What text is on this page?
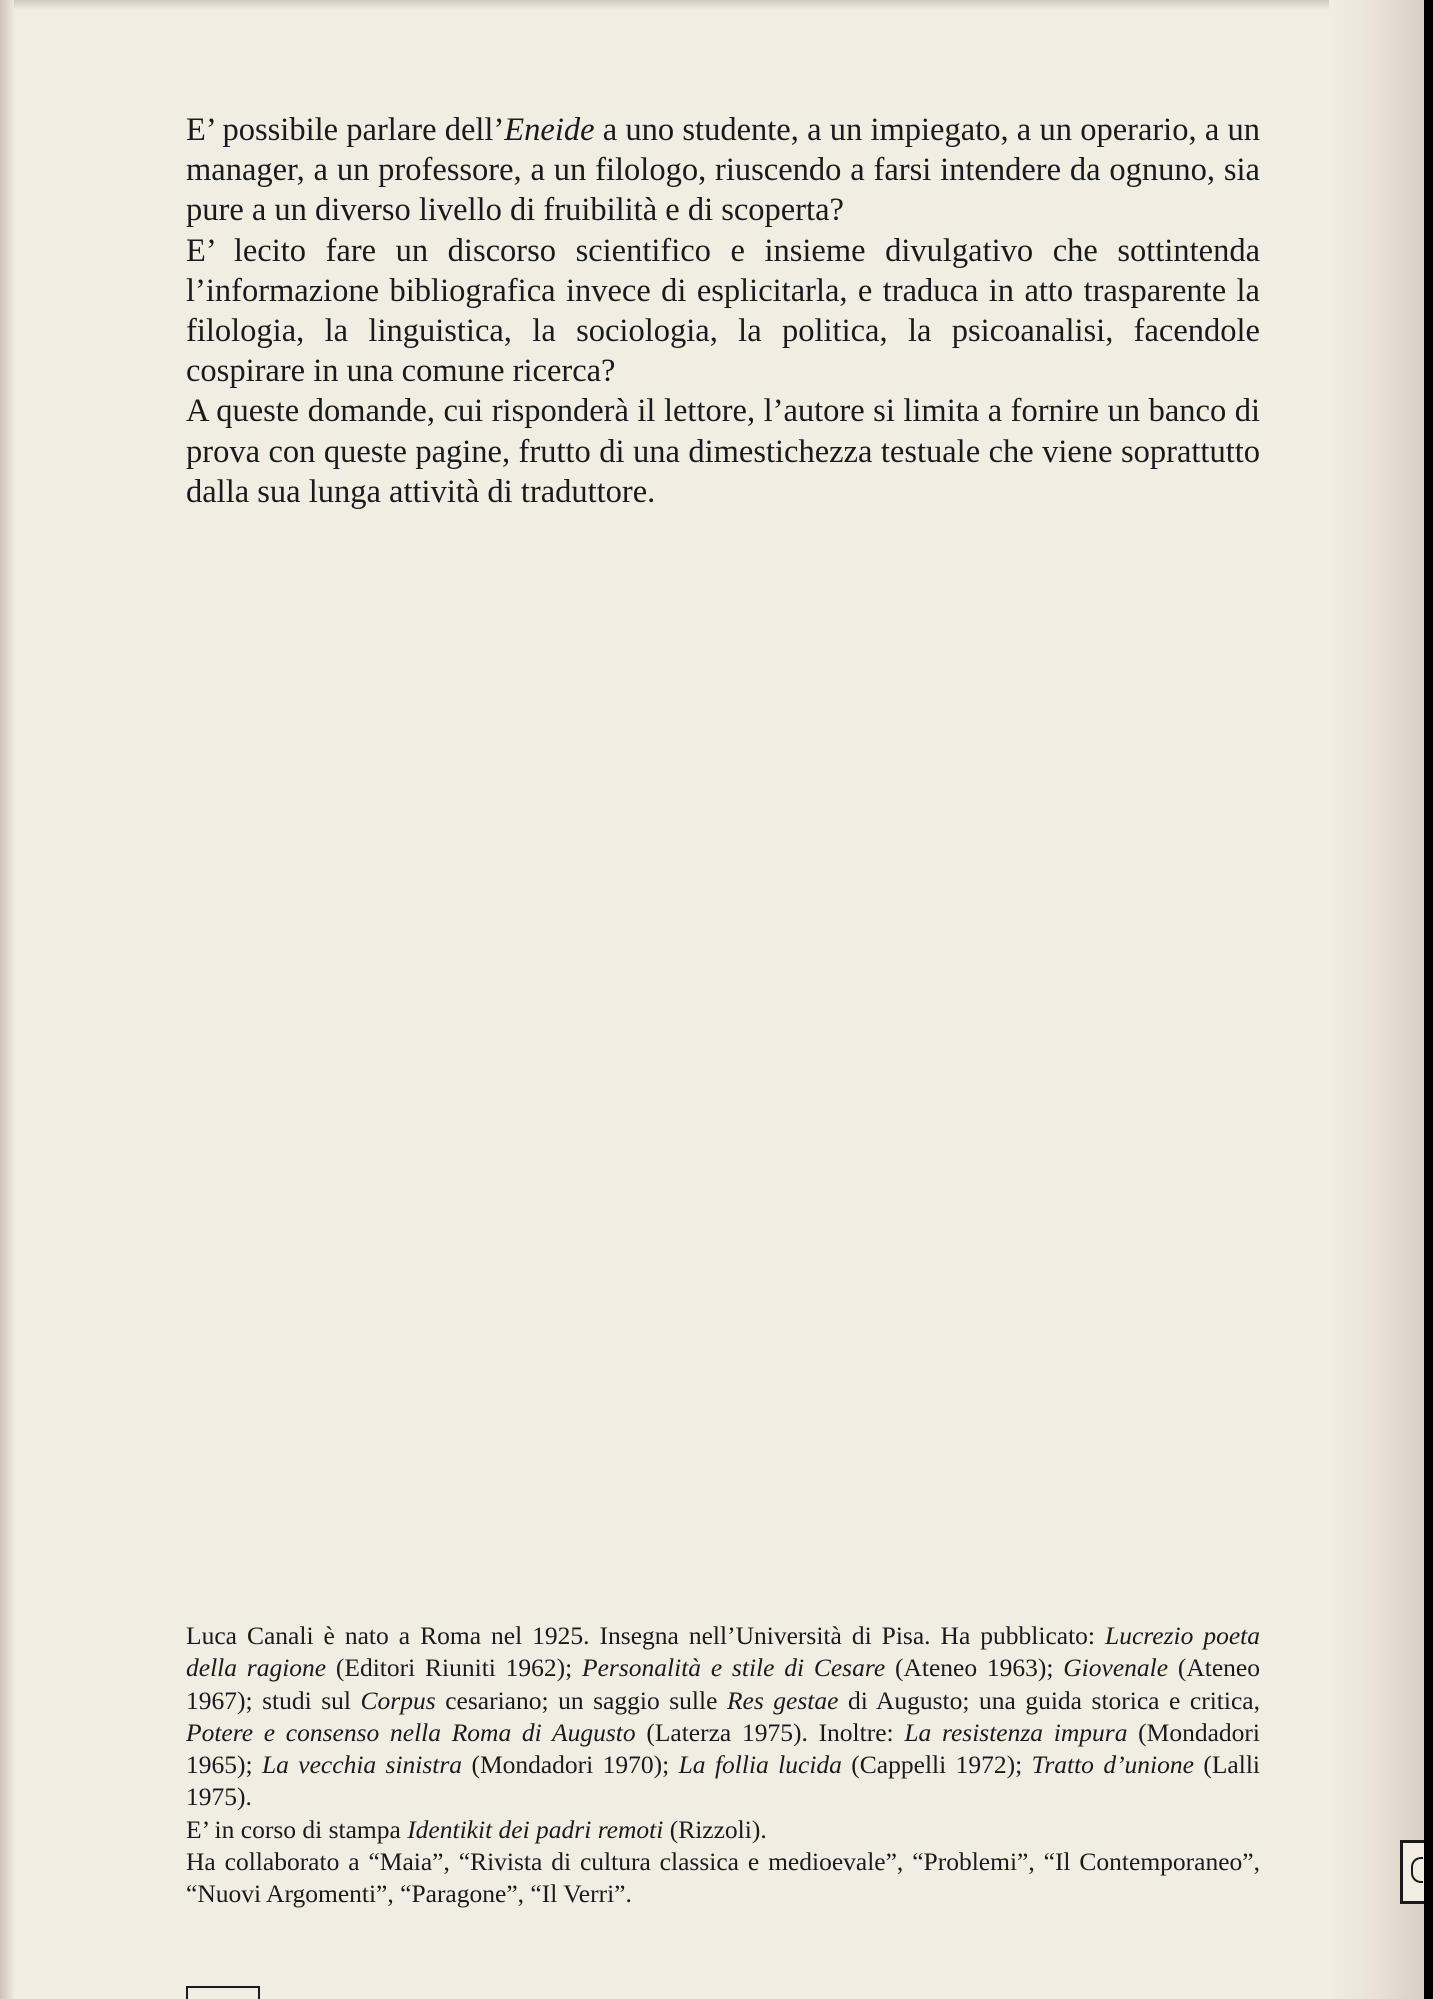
E’ possibile parlare dell’Eneide a uno studente, a un impiegato, a un operario, a un manager, a un professore, a un filologo, riuscendo a farsi intendere da ognuno, sia pure a un diverso livello di fruibilità e di scoperta?

E’ lecito fare un discorso scientifico e insieme divulgativo che sottintenda l’informazione bibliografica invece di esplicitarla, e traduca in atto trasparente la filologia, la linguistica, la sociologia, la politica, la psicoanalisi, facendole cospirare in una comune ricerca?

A queste domande, cui risponderà il lettore, l’autore si limita a fornire un banco di prova con queste pagine, frutto di una dimestichezza testuale che viene soprattutto dalla sua lunga attività di traduttore.

Luca Canali è nato a Roma nel 1925. Insegna nell’Università di Pisa. Ha pubblicato: Lucrezio poeta della ragione (Editori Riuniti 1962); Personalità e stile di Cesare (Ateneo 1963); Giovenale (Ateneo 1967); studi sul Corpus cesariano; un saggio sulle Res gestae di Augusto; una guida storica e critica, Potere e consenso nella Roma di Augusto (Laterza 1975). Inoltre: La resistenza impura (Mondadori 1965); La vecchia sinistra (Mondadori 1970); La follia lucida (Cappelli 1972); Tratto d’unione (Lalli 1975).

E’ in corso di stampa Identikit dei padri remoti (Rizzoli).

Ha collaborato a “Maia”, “Rivista di cultura classica e medioevale”, “Problemi”, “Il Contemporaneo”, “Nuovi Argomenti”, “Paragone”, “Il Verri”.
